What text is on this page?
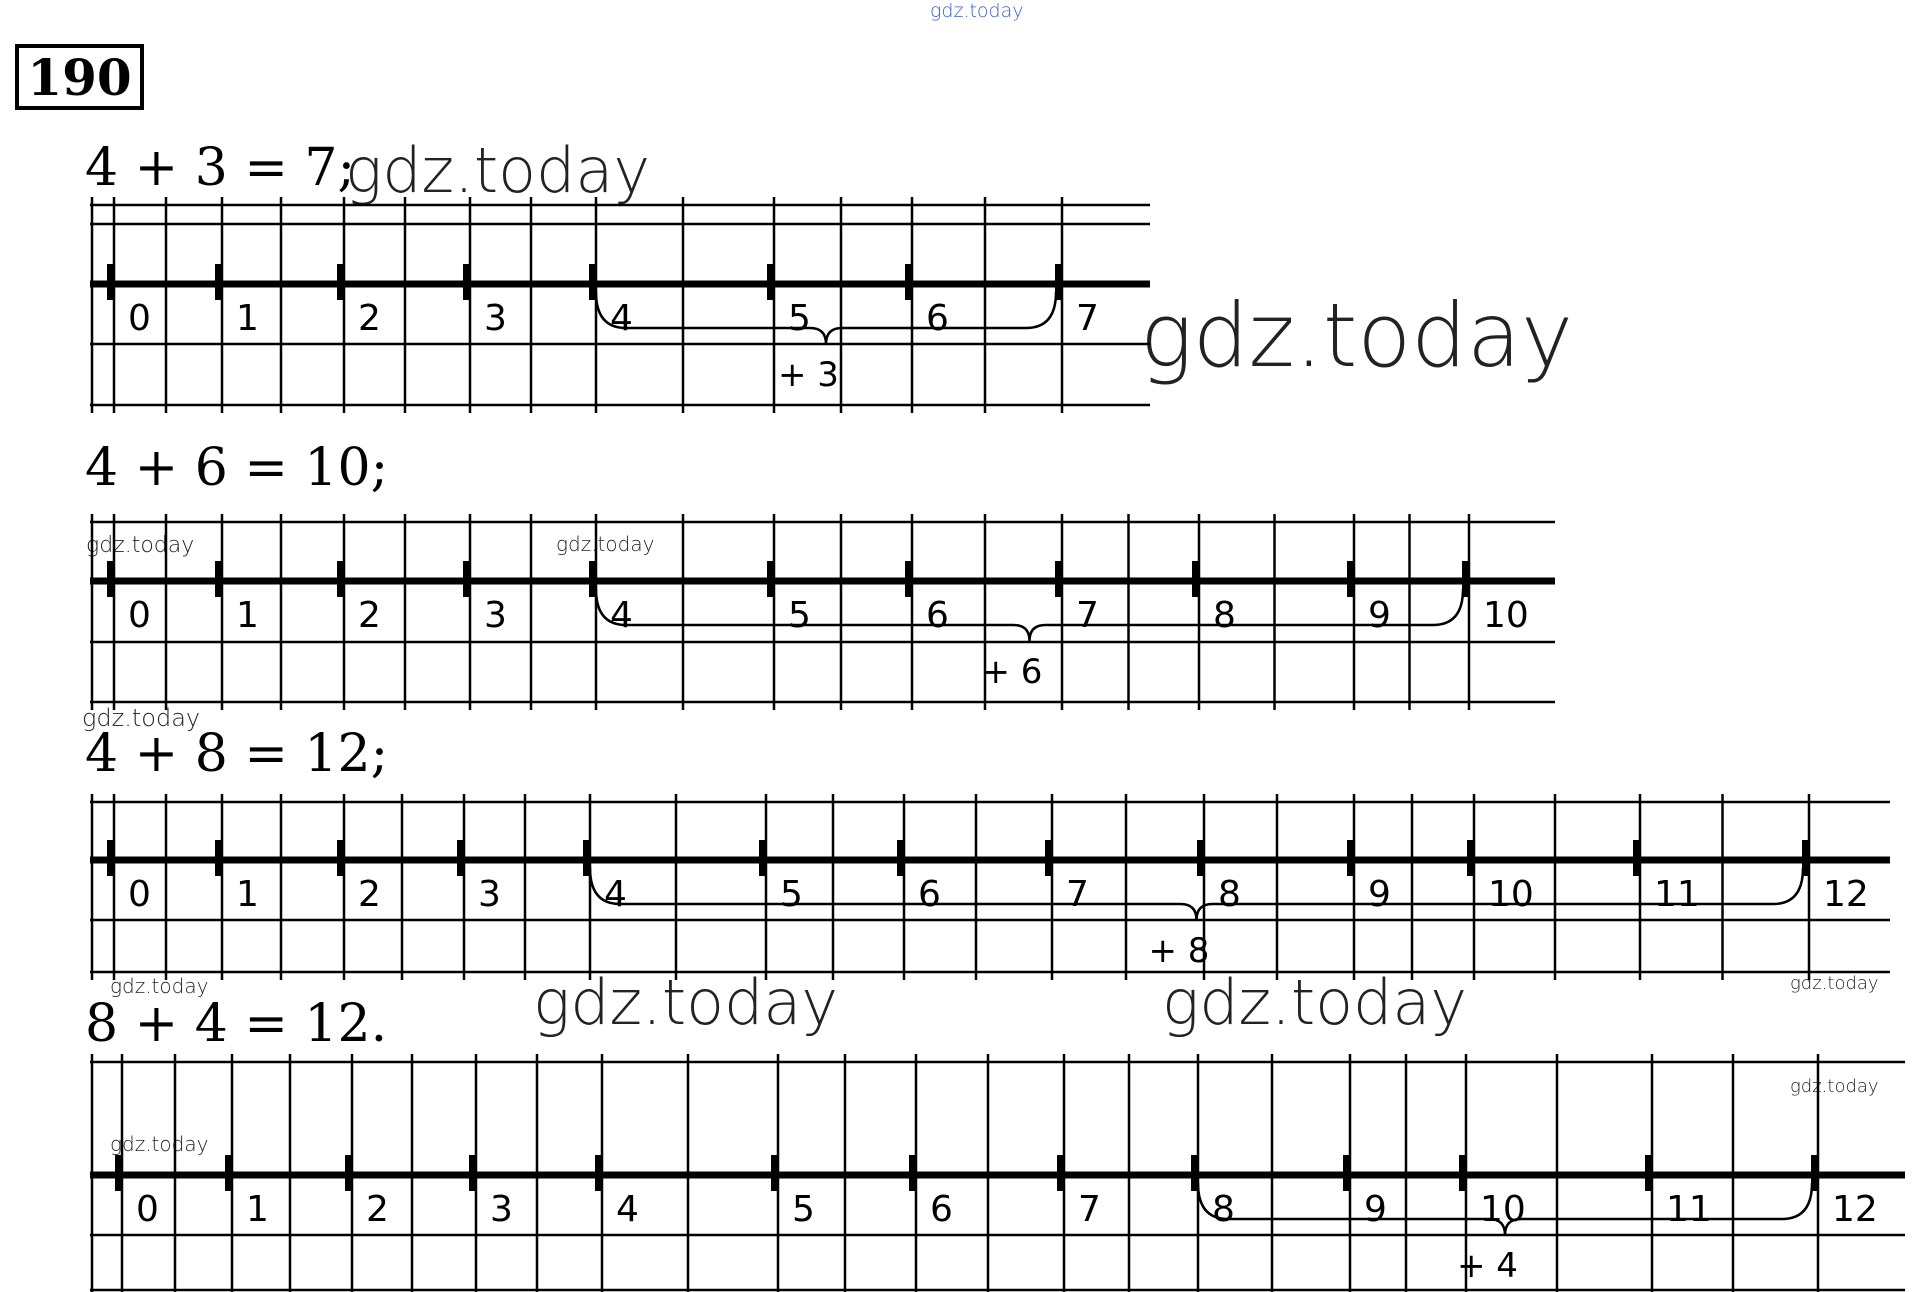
gdz.today
190
4 + 3 = 7;
4 + 6 = 10;
4 + 8 = 12;
8 + 4 = 12.
gdz.today
gdz.today
gdz.today	gdz.today
gdz.today
gdz.today	gdz.today	gdz.today	gdz.today
gdz.today
gdz.today
0 1	2	3	4	5	6	7
+ 3
0 1	2	3	4	5	6	7	8	9	10
+ 6
0 1	2	3	4	5	6	7	8	9	10	11	12
+ 8
0 1	2	3	4	5	6	7	8	9	10	11	12
+ 4
